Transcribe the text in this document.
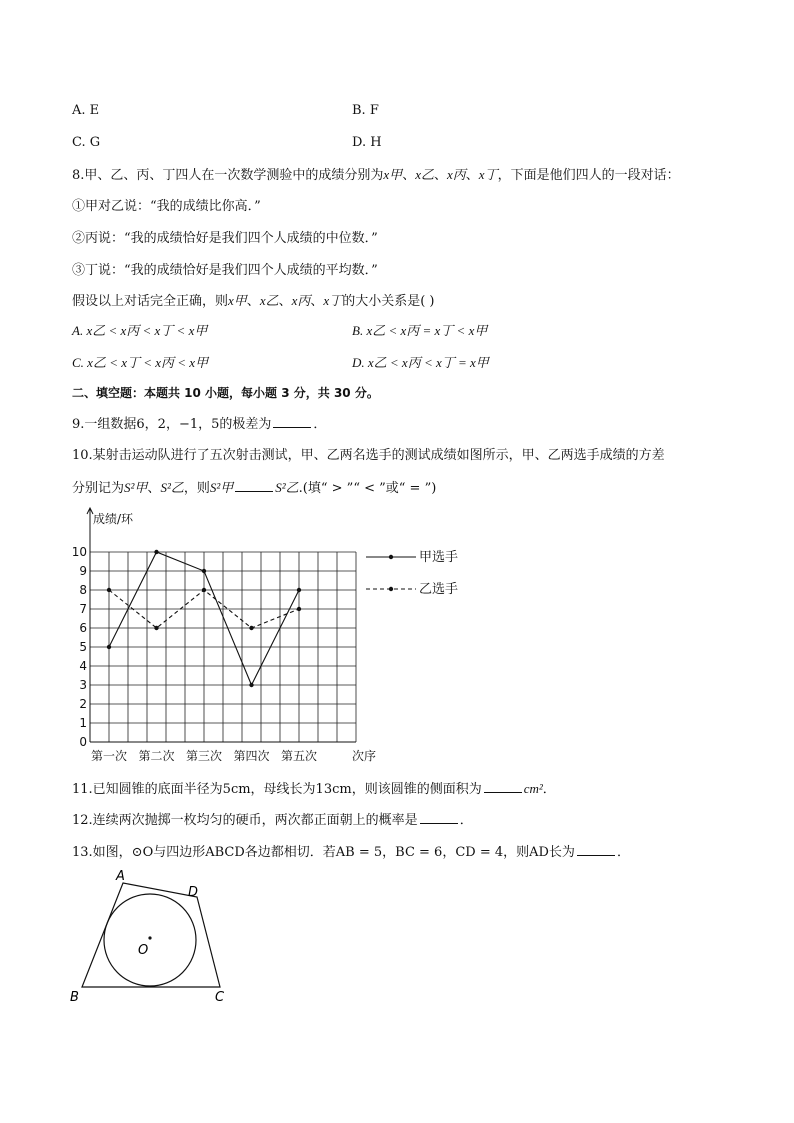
A. E	B. F
C. G	D. H
8.甲、乙、丙、丁四人在一次数学测验中的成绩分别为x甲、x乙、x丙、x丁，下面是他们四人的一段对话：
①甲对乙说：“我的成绩比你高．”
②丙说：“我的成绩恰好是我们四个人成绩的中位数．”
③丁说：“我的成绩恰好是我们四个人成绩的平均数．”
假设以上对话完全正确，则x甲、x乙、x丙、x丁的大小关系是( )
A. x乙 < x丙 < x丁 < x甲	B. x乙 < x丙 = x丁 < x甲
C. x乙 < x丁 < x丙 < x甲	D. x乙 < x丙 < x丁 = x甲
二、填空题：本题共 10 小题，每小题 3 分，共 30 分。
9.一组数据6，2，−1，5的极差为	．
10.某射击运动队进行了五次射击测试，甲、乙两名选手的测试成绩如图所示，甲、乙两选手成绩的方差
分别记为S²甲、S²乙，则S²甲	S²乙.(填“ > ”“ < ”或“ = ”)
成绩/环
次序
0
1
2
3
4
5
6
7
8
9
10
第一次 第二次 第三次 第四次 第五次
甲选手
乙选手
11.已知圆锥的底面半径为5cm，母线长为13cm，则该圆锥的侧面积为	cm²．
12.连续两次抛掷一枚均匀的硬币，两次都正面朝上的概率是	．
13.如图，⊙O与四边形ABCD各边都相切．若AB = 5，BC = 6，CD = 4，则AD长为	．
A
D
O
B	C
